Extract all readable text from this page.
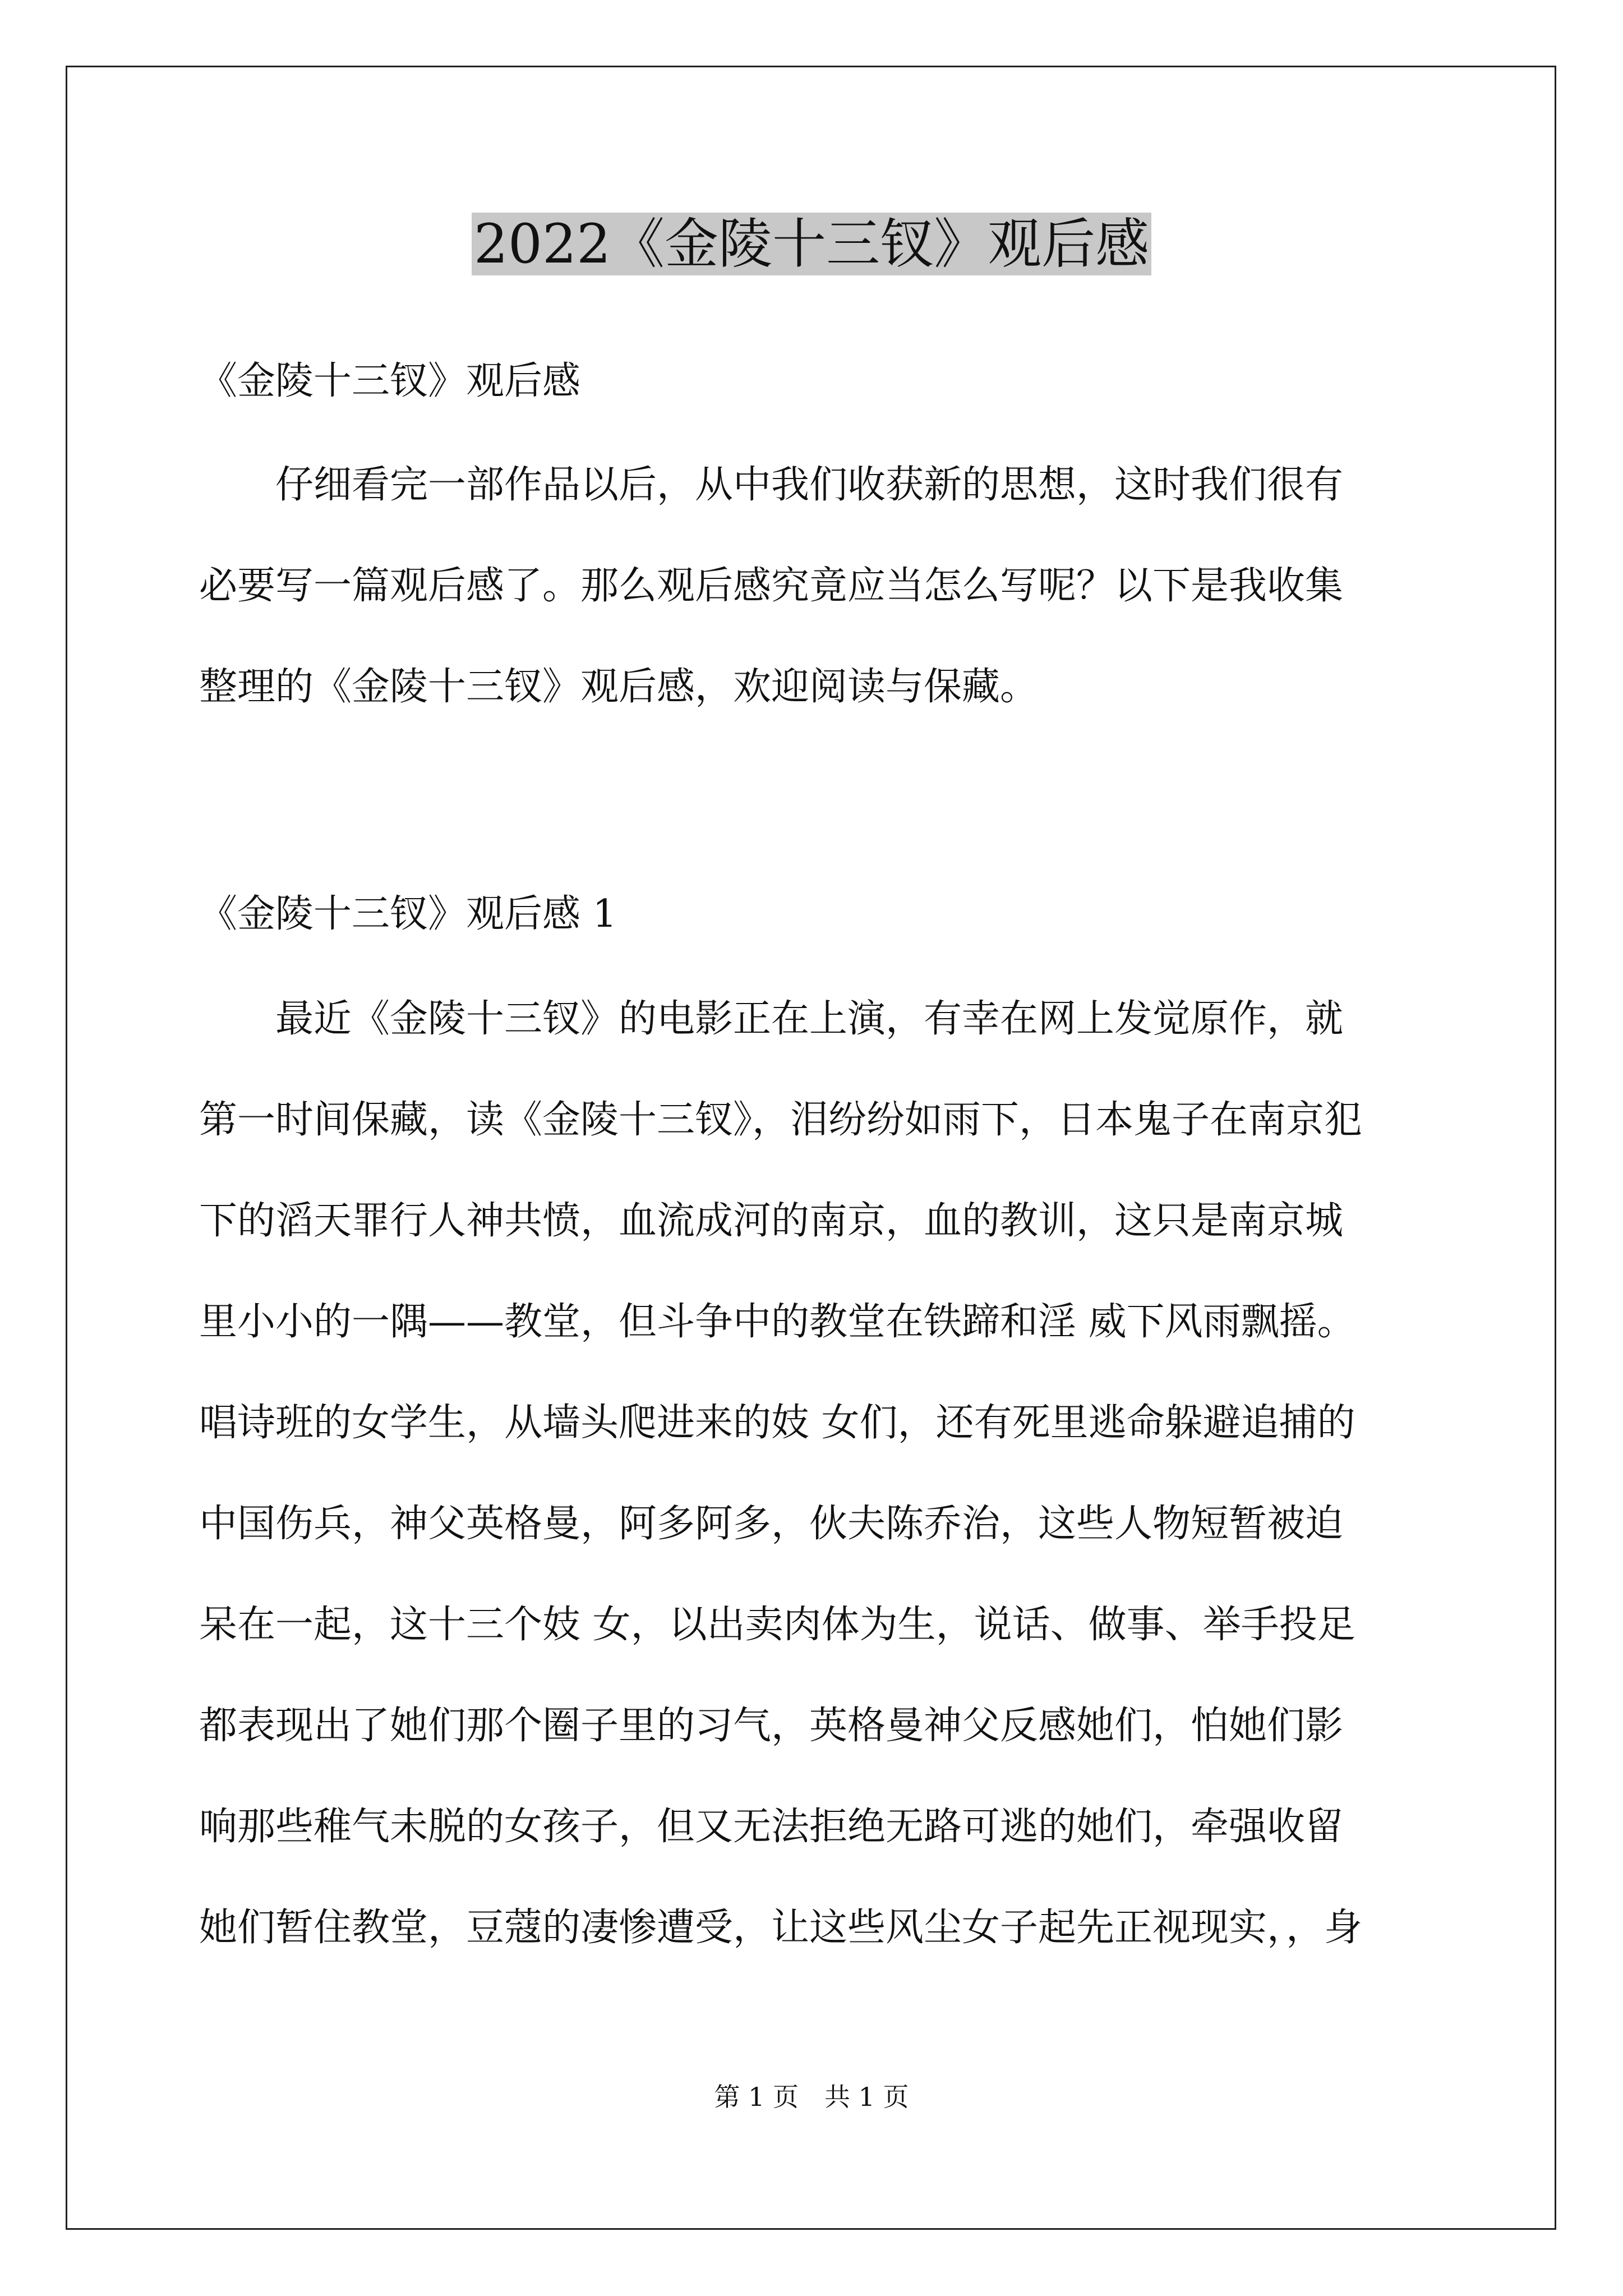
2022《金陵十三钗》观后感
《金陵十三钗》观后感
　　仔细看完一部作品以后，从中我们收获新的思想，这时我们很有
必要写一篇观后感了。那么观后感究竟应当怎么写呢？以下是我收集
整理的《金陵十三钗》观后感，欢迎阅读与保藏。
《金陵十三钗》观后感 1
　　最近《金陵十三钗》的电影正在上演，有幸在网上发觉原作，就
第一时间保藏，读《金陵十三钗》，泪纷纷如雨下，日本鬼子在南京犯
下的滔天罪行人神共愤，血流成河的南京，血的教训，这只是南京城
里小小的一隅——教堂，但斗争中的教堂在铁蹄和淫 威下风雨飘摇。
唱诗班的女学生，从墙头爬进来的妓 女们，还有死里逃命躲避追捕的
中国伤兵，神父英格曼，阿多阿多，伙夫陈乔治，这些人物短暂被迫
呆在一起，这十三个妓 女，以出卖肉体为生，说话、做事、举手投足
都表现出了她们那个圈子里的习气，英格曼神父反感她们，怕她们影
响那些稚气未脱的女孩子，但又无法拒绝无路可逃的她们，牵强收留
她们暂住教堂，豆蔻的凄惨遭受，让这些风尘女子起先正视现实，，身
第 1 页　共 1 页
